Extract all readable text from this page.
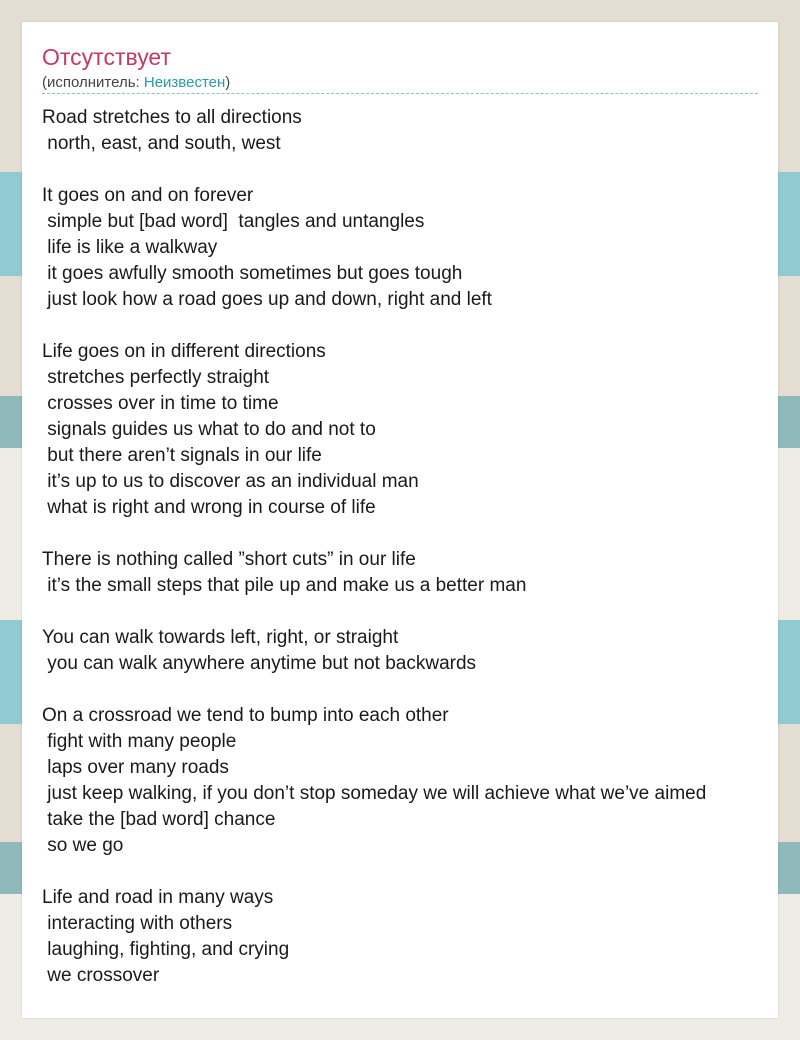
Отсутствует
(исполнитель: Неизвестен)
Road stretches to all directions
north, east, and south, west
It goes on and on forever
simple but [bad word]  tangles and untangles
life is like a walkway
it goes awfully smooth sometimes but goes tough
just look how a road goes up and down, right and left
Life goes on in different directions
stretches perfectly straight
crosses over in time to time
signals guides us what to do and not to
but there aren’t signals in our life
it’s up to us to discover as an individual man
what is right and wrong in course of life
There is nothing called ”short cuts” in our life
it’s the small steps that pile up and make us a better man
You can walk towards left, right, or straight
you can walk anywhere anytime but not backwards
On a crossroad we tend to bump into each other
fight with many people
laps over many roads
just keep walking, if you don’t stop someday we will achieve what we’ve aimed
take the [bad word] chance
so we go
Life and road in many ways
interacting with others
laughing, fighting, and crying
we crossover
